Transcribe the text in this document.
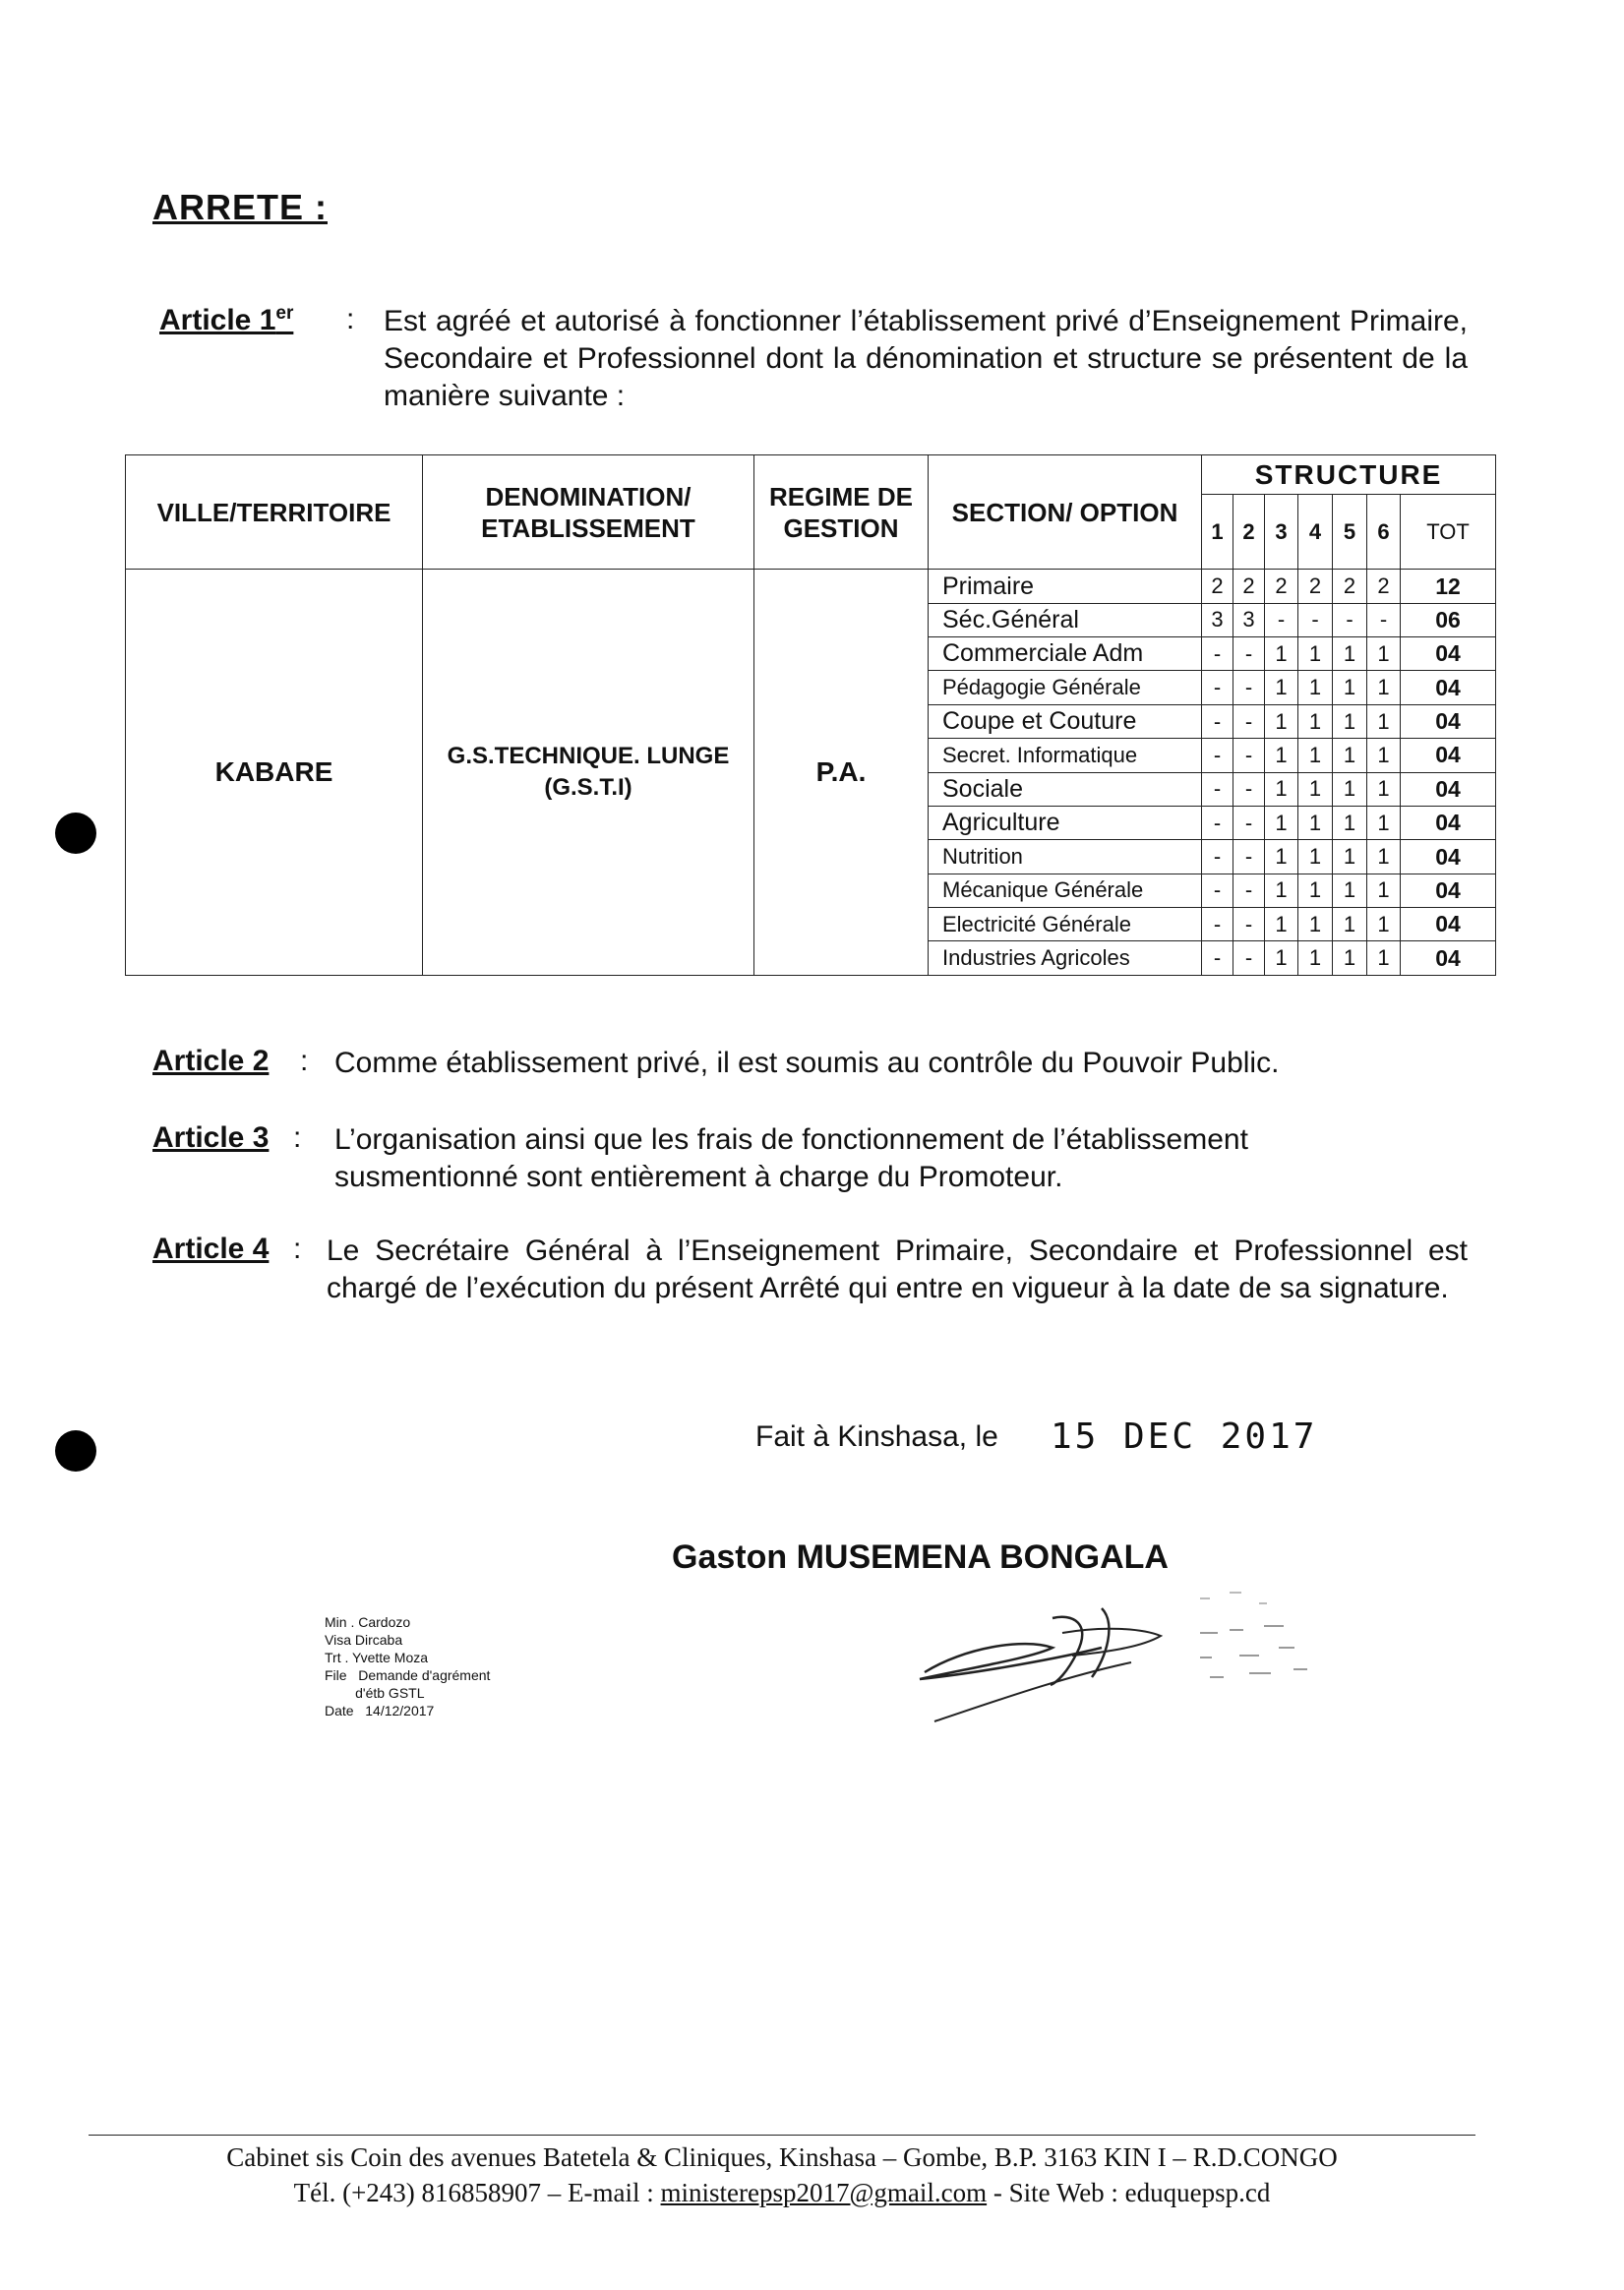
ARRETE :
Article 1er : Est agréé et autorisé à fonctionner l’établissement privé d’Enseignement Primaire, Secondaire et Professionnel dont la dénomination et structure se présentent de la manière suivante :
VILLE/TERRITOIRE	DENOMINATION/ ETABLISSEMENT	REGIME DE GESTION	SECTION/ OPTION	STRUCTURE						
				1	2	3	4	5	6	TOT
KABARE	G.S.TECHNIQUE. LUNGE (G.S.T.I)	P.A.	Primaire	2	2	2	2	2	2	12
			Séc.Général	3	3	-	-	-	-	06
			Commerciale Adm	-	-	1	1	1	1	04
			Pédagogie Générale	-	-	1	1	1	1	04
			Coupe et Couture	-	-	1	1	1	1	04
			Secret. Informatique	-	-	1	1	1	1	04
			Sociale	-	-	1	1	1	1	04
			Agriculture	-	-	1	1	1	1	04
			Nutrition	-	-	1	1	1	1	04
			Mécanique Générale	-	-	1	1	1	1	04
			Electricité Générale	-	-	1	1	1	1	04
			Industries Agricoles	-	-	1	1	1	1	04
Article 2 : Comme établissement privé, il est soumis au contrôle du Pouvoir Public.
Article 3 : L’organisation ainsi que les frais de fonctionnement de l’établissement susmentionné sont entièrement à charge du Promoteur.
Article 4 : Le Secrétaire Général à l’Enseignement Primaire, Secondaire et Professionnel est chargé de l’exécution du présent Arrêté qui entre en vigueur à la date de sa signature.
Fait à Kinshasa, le 15 DEC 2017
Gaston MUSEMENA BONGALA
Min . Cardozo
Visa Dircaba
Trt . Yvette Moza
File   Demande d'agrément
d'étb GSTL
Date   14/12/2017
Cabinet sis Coin des avenues Batetela & Cliniques, Kinshasa – Gombe, B.P. 3163 KIN I – R.D.CONGO
Tél. (+243) 816858907 – E-mail : ministerepsp2017@gmail.com - Site Web : eduquepsp.cd
